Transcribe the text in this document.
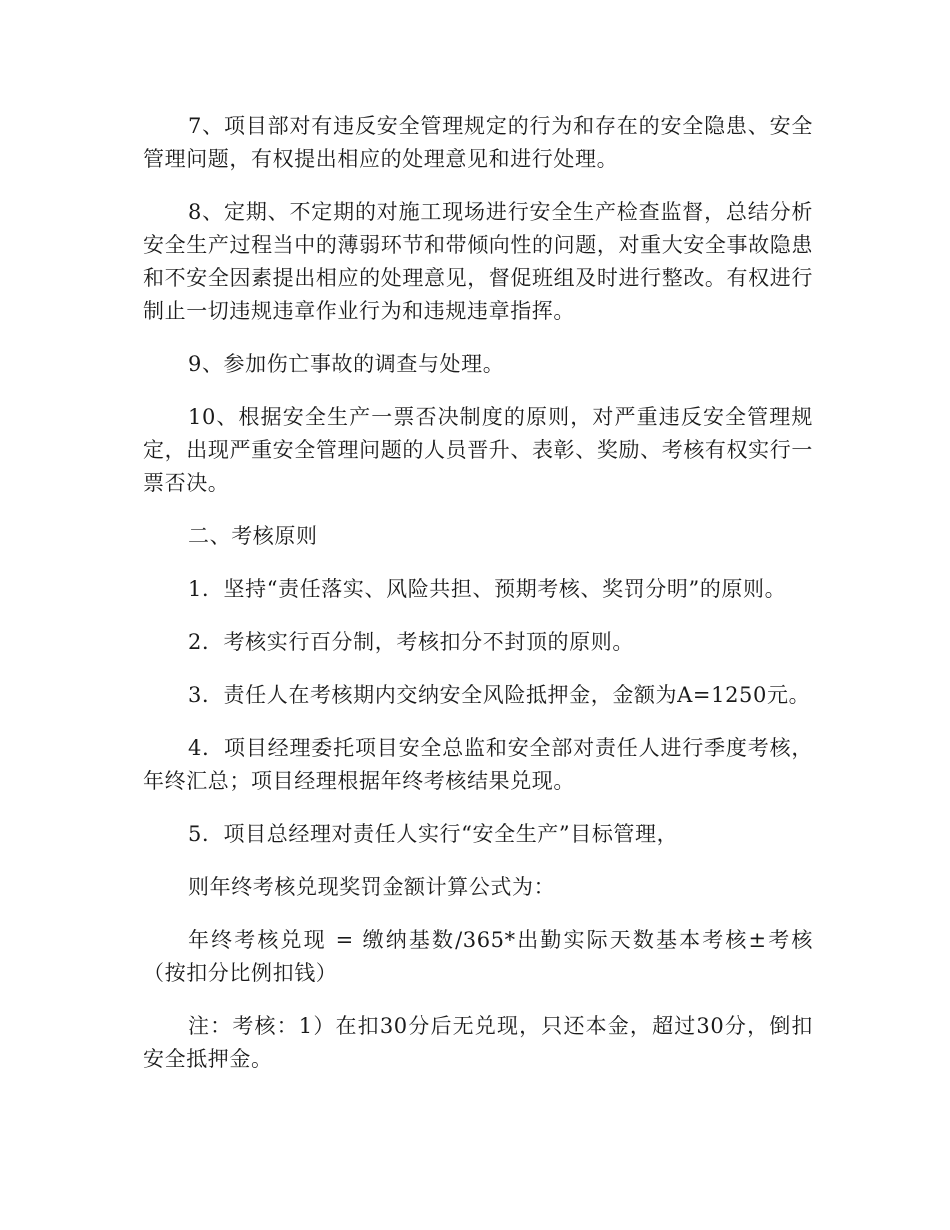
7、项目部对有违反安全管理规定的行为和存在的安全隐患、安全管理问题，有权提出相应的处理意见和进行处理。

8、定期、不定期的对施工现场进行安全生产检查监督，总结分析安全生产过程当中的薄弱环节和带倾向性的问题，对重大安全事故隐患和不安全因素提出相应的处理意见，督促班组及时进行整改。有权进行制止一切违规违章作业行为和违规违章指挥。

9、参加伤亡事故的调查与处理。

10、根据安全生产一票否决制度的原则，对严重违反安全管理规定，出现严重安全管理问题的人员晋升、表彰、奖励、考核有权实行一票否决。

二、考核原则

1．坚持“责任落实、风险共担、预期考核、奖罚分明”的原则。

2．考核实行百分制，考核扣分不封顶的原则。

3．责任人在考核期内交纳安全风险抵押金，金额为A=1250元。

4．项目经理委托项目安全总监和安全部对责任人进行季度考核，年终汇总；项目经理根据年终考核结果兑现。

5．项目总经理对责任人实行“安全生产”目标管理，

则年终考核兑现奖罚金额计算公式为：

年终考核兑现 = 缴纳基数/365*出勤实际天数基本考核±考核（按扣分比例扣钱）

注：考核：1）在扣30分后无兑现，只还本金，超过30分，倒扣安全抵押金。
